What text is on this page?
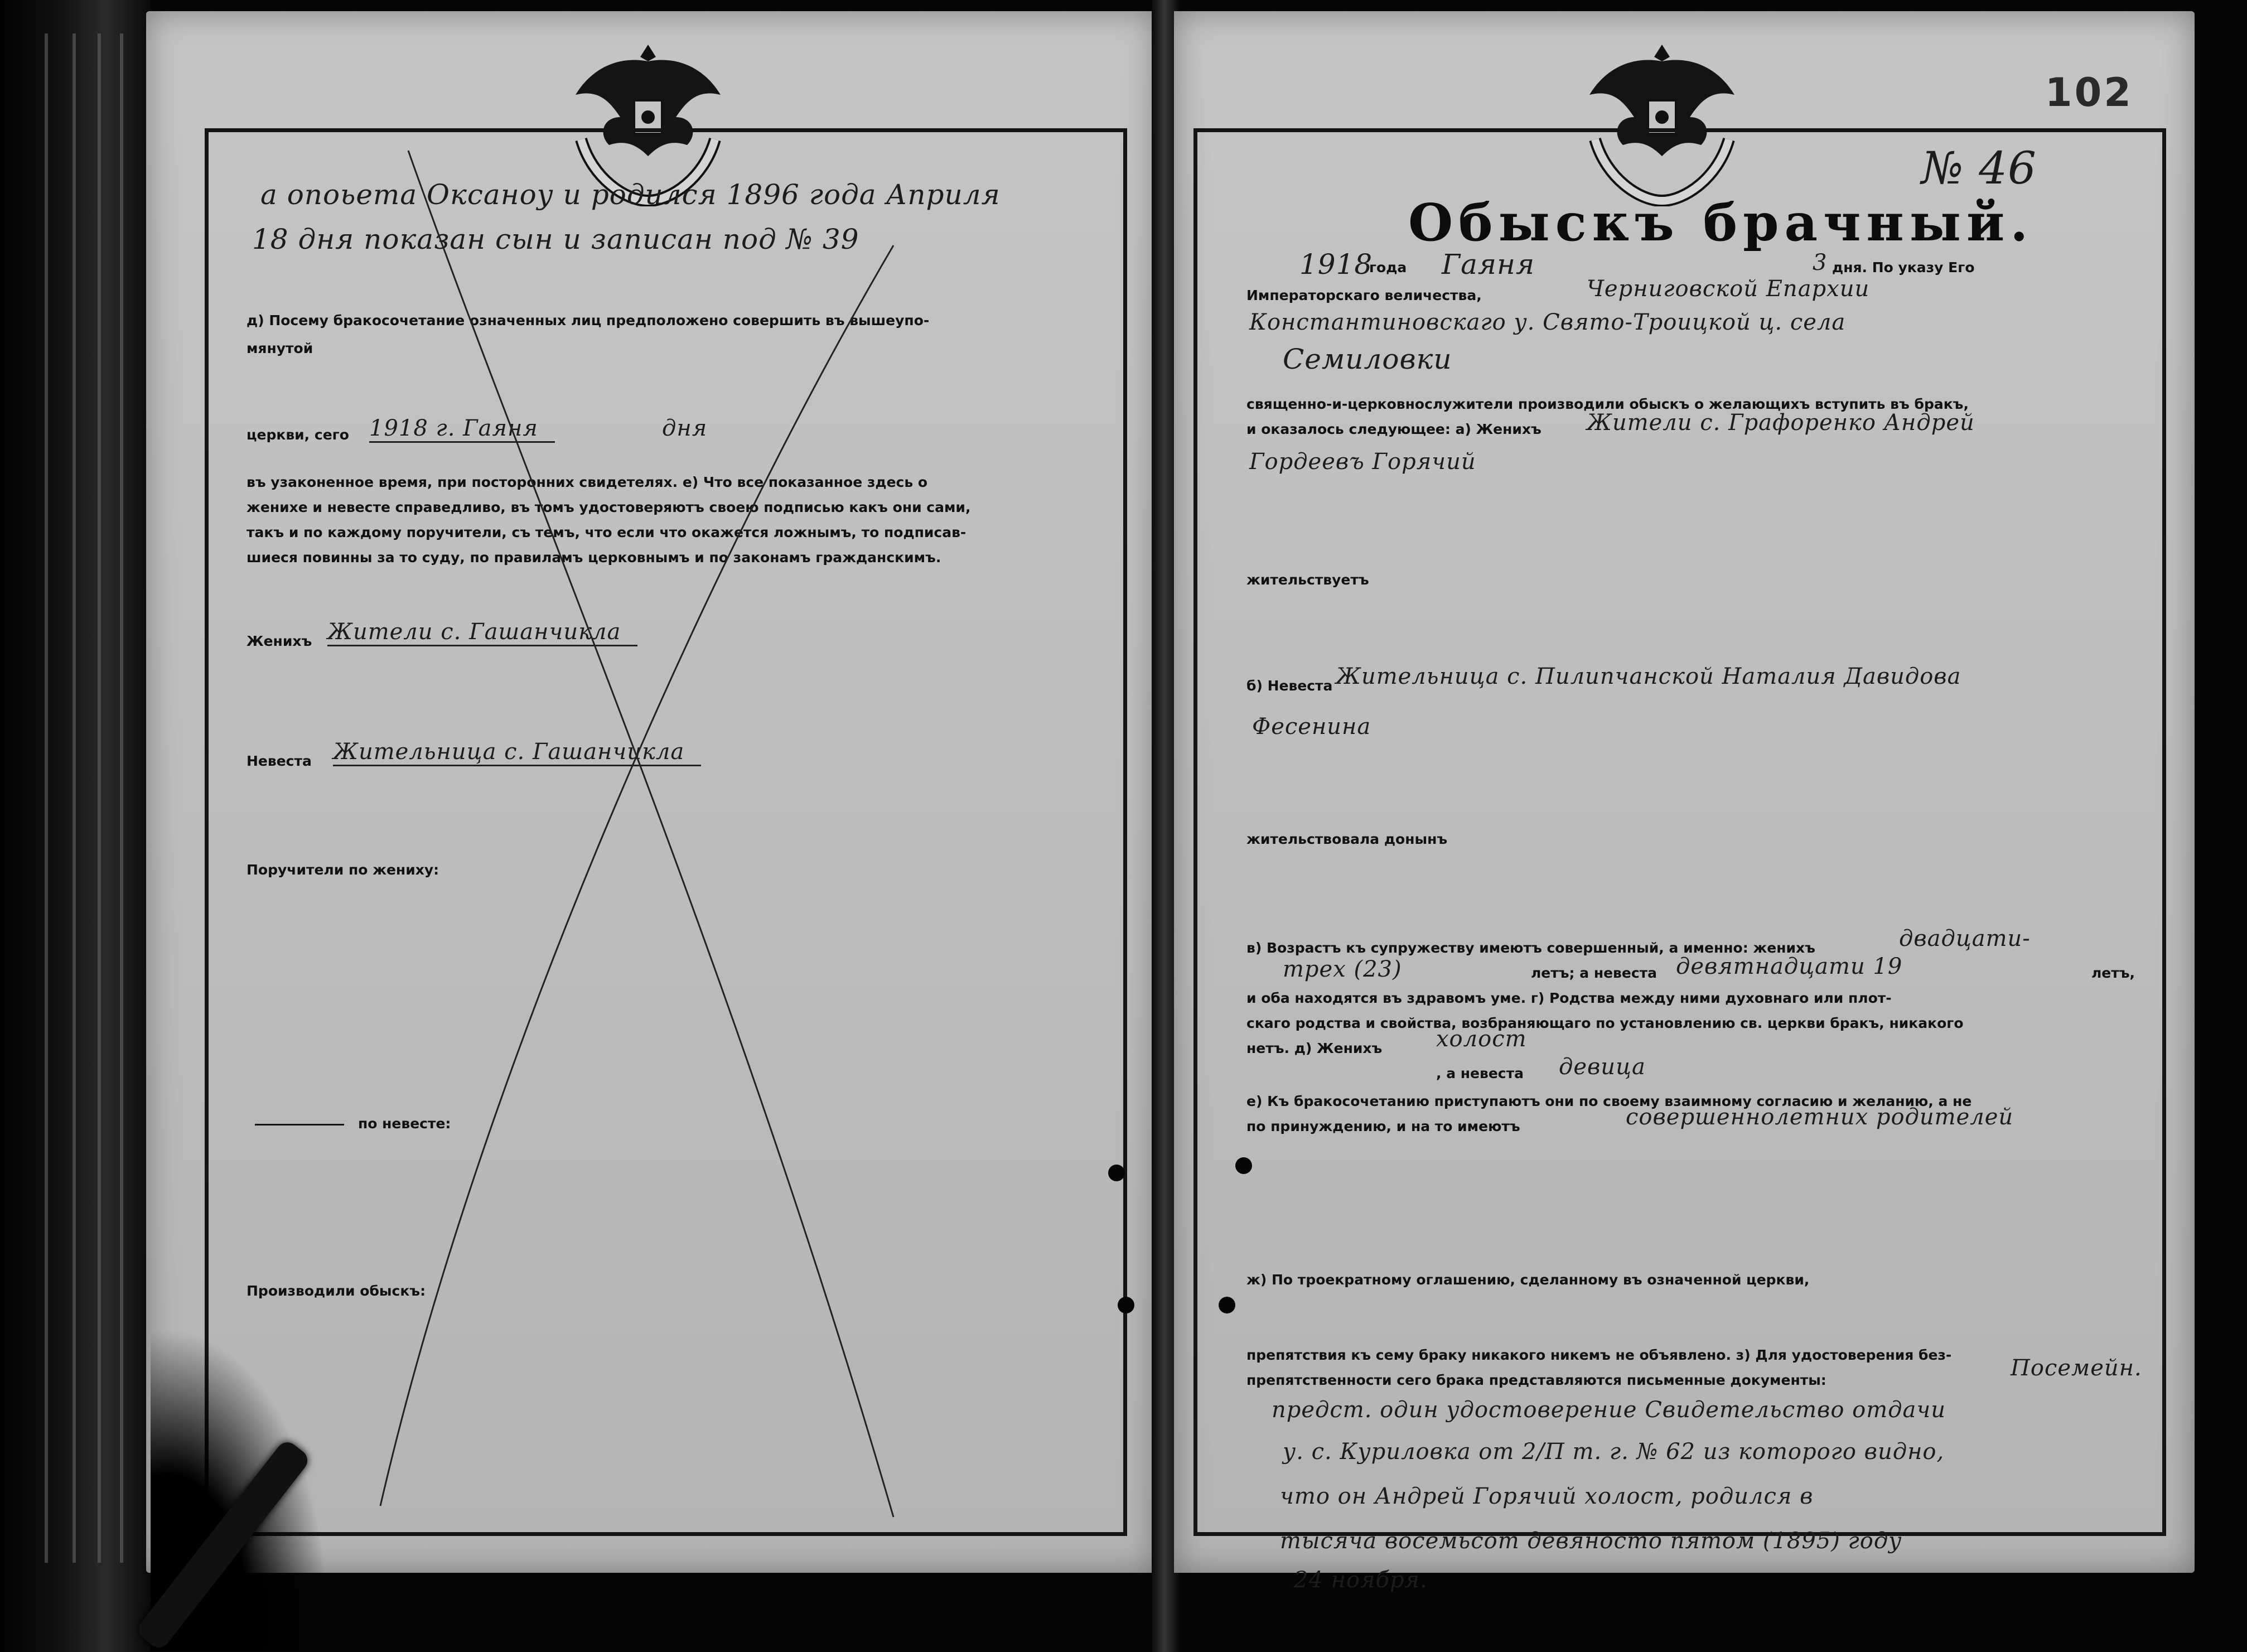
а опоьета Оксаноу и родился 1896 года Априля
18 дня показан сын и записан под № 39
д) Посему бракосочетание означенных лиц предположено совершить въ вышеупо-
мянутой
церкви, сего 1918 г. Гаяня	дня
въ узаконенное время, при посторонних свидетелях. е) Что все показанное здесь о
женихе и невесте справедливо, въ томъ удостоверяютъ своею подписью какъ они сами,
такъ и по каждому поручители, съ темъ, что если что окажется ложнымъ, то подписав-
шиеся повинны за то суду, по правиламъ церковнымъ и по законамъ гражданскимъ.
Женихъ Жители с. Гашанчикла
Невеста Жительница с. Гашанчикла
Поручители по жениху:
по невесте:
Производили обыскъ:
102
№ 46
Обыскъ брачный.
1918
года Гаяня	3 дня. По указу Его
Императорскаго величества,	Черниговской Епархии
Константиновскаго у. Свято-Троицкой ц. села
Семиловки
священно-и-церковнослужители производили обыскъ о желающихъ вступить въ бракъ,
и оказалось следующее: а) Женихъ Жители с. Графоренко Андрей
Гордеевъ Горячий
жительствуетъ
б) Невеста Жительница с. Пилипчанской Наталия Давидова
Фесенина
жительствовала донынъ
в) Возрастъ къ супружеству имеютъ совершенный, а именно: женихъ	двадцати-
трех (23)	летъ; а невеста девятнадцати 19	летъ,
и оба находятся въ здравомъ уме. г) Родства между ними духовнаго или плот-
скаго родства и свойства, возбраняющаго по установлению св. церкви бракъ, никакого
нетъ. д) Женихъ холост
, а невеста девица
е) Къ бракосочетанию приступаютъ они по своему взаимному согласию и желанию, а не
по принуждению, и на то имеютъ	совершеннолетних родителей
ж) По троекратному оглашению, сделанному въ означенной церкви,
препятствия къ сему браку никакого никемъ не объявлено. з) Для удостоверения без-
препятственности сего брака представляются письменные документы:	Посемейн.
предст. один удостоверение Свидетельство отдачи
у. с. Куриловка от 2/П т. г. № 62 из которого видно,
что он Андрей Горячий холост, родился в
тысяча восемьсот девяносто пятом (1895) году
24 ноября.
